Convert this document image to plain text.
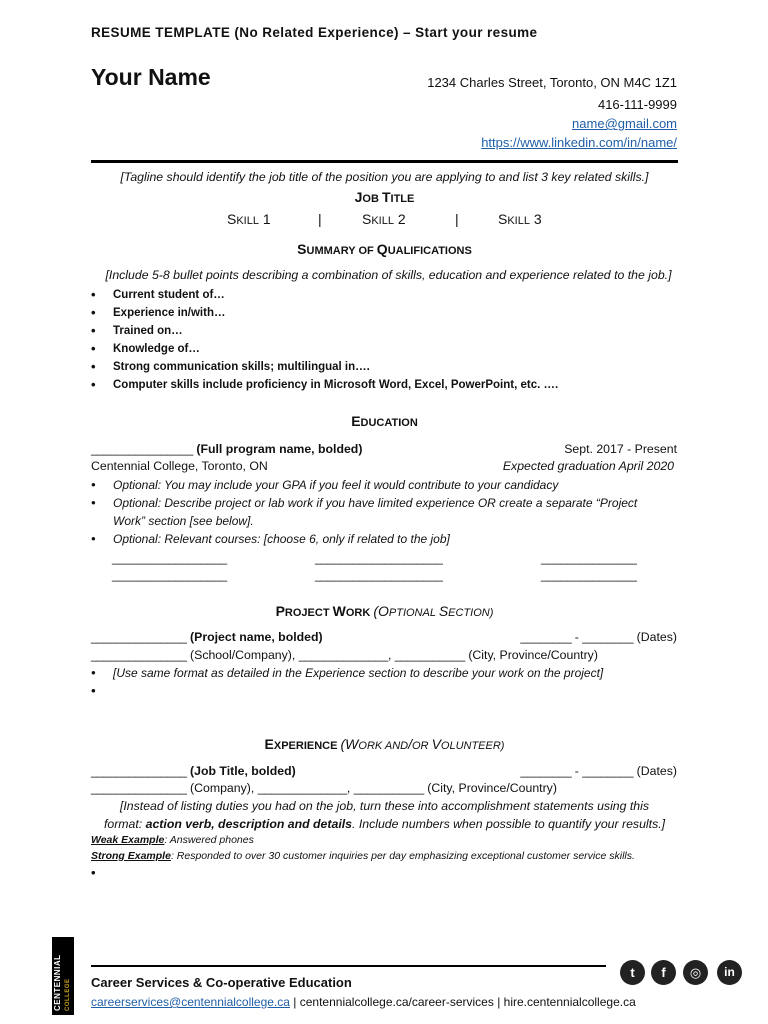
RESUME TEMPLATE (No Related Experience) – Start your resume
Your Name	1234 Charles Street, Toronto, ON M4C 1Z1
416-111-9999
name@gmail.com
https://www.linkedin.com/in/name/
[Tagline should identify the job title of the position you are applying to and list 3 key related skills.]
JOB TITLE
SKILL 1	|	SKILL 2	|	SKILL 3
SUMMARY OF QUALIFICATIONS
[Include 5-8 bullet points describing a combination of skills, education and experience related to the job.]
• Current student of…
• Experience in/with…
• Trained on…
• Knowledge of…
• Strong communication skills; multilingual in….
• Computer skills include proficiency in Microsoft Word, Excel, PowerPoint, etc. ….
EDUCATION
________________ (Full program name, bolded)	Sept. 2017 - Present
Centennial College, Toronto, ON	Expected graduation April 2020
• Optional: You may include your GPA if you feel it would contribute to your candidacy
• Optional: Describe project or lab work if you have limited experience OR create a separate “Project
Work” section [see below].
• Optional: Relevant courses: [choose 6, only if related to the job]
__________________	____________________	_______________
__________________	____________________	_______________
PROJECT WORK (OPTIONAL SECTION)
_______________ (Project name, bolded)	________ - ________ (Dates)
_______________ (School/Company), ______________, ___________ (City, Province/Country)
• [Use same format as detailed in the Experience section to describe your work on the project]
EXPERIENCE (WORK AND/OR VOLUNTEER)
_______________ (Job Title, bolded)	________ - ________ (Dates)
_______________ (Company), ______________, ___________ (City, Province/Country)
[Instead of listing duties you had on the job, turn these into accomplishment statements using this
format: action verb, description and details. Include numbers when possible to quantify your results.]
Weak Example: Answered phones
Strong Example: Responded to over 30 customer inquiries per day emphasizing exceptional customer service skills.
CENTENNIAL COLLEGE Career Services & Co-operative Education
careerservices@centennialcollege.ca | centennialcollege.ca/career-services | hire.centennialcollege.ca
t	f	◎	in
